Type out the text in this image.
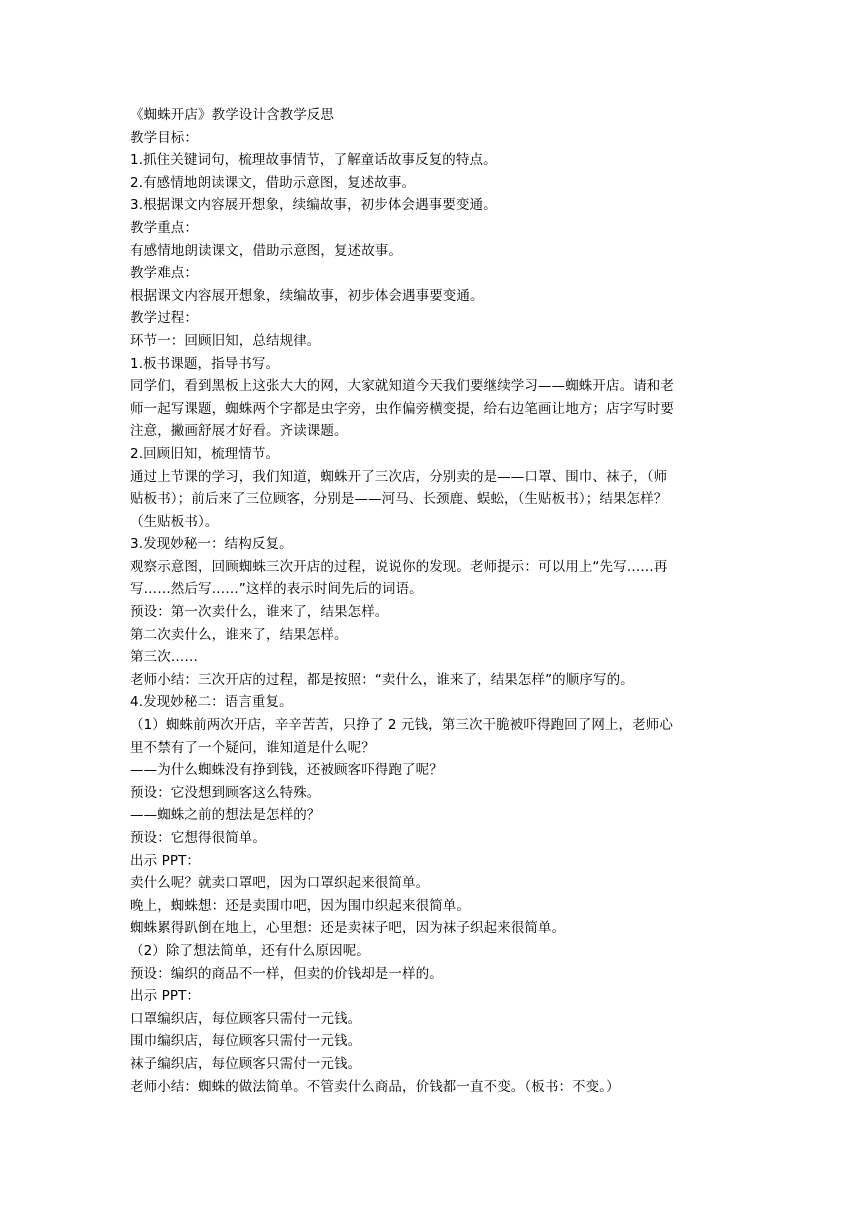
《蜘蛛开店》教学设计含教学反思
教学目标：
1.抓住关键词句，梳理故事情节，了解童话故事反复的特点。
2.有感情地朗读课文，借助示意图，复述故事。
3.根据课文内容展开想象，续编故事，初步体会遇事要变通。
教学重点：
有感情地朗读课文，借助示意图，复述故事。
教学难点：
根据课文内容展开想象，续编故事，初步体会遇事要变通。
教学过程：
环节一：回顾旧知，总结规律。
1.板书课题，指导书写。
同学们，看到黑板上这张大大的网，大家就知道今天我们要继续学习——蜘蛛开店。请和老
师一起写课题，蜘蛛两个字都是虫字旁，虫作偏旁横变提，给右边笔画让地方；店字写时要
注意，撇画舒展才好看。齐读课题。
2.回顾旧知，梳理情节。
通过上节课的学习，我们知道，蜘蛛开了三次店，分别卖的是——口罩、围巾、袜子，（师
贴板书）；前后来了三位顾客，分别是——河马、长颈鹿、蜈蚣，（生贴板书）；结果怎样？
（生贴板书）。
3.发现妙秘一：结构反复。
观察示意图，回顾蜘蛛三次开店的过程，说说你的发现。老师提示：可以用上“先写……再
写……然后写……”这样的表示时间先后的词语。
预设：第一次卖什么，谁来了，结果怎样。
第二次卖什么，谁来了，结果怎样。
第三次……
老师小结：三次开店的过程，都是按照：“卖什么，谁来了，结果怎样”的顺序写的。
4.发现妙秘二：语言重复。
（1）蜘蛛前两次开店，辛辛苦苦，只挣了 2 元钱，第三次干脆被吓得跑回了网上，老师心
里不禁有了一个疑问，谁知道是什么呢？
——为什么蜘蛛没有挣到钱，还被顾客吓得跑了呢？
预设：它没想到顾客这么特殊。
——蜘蛛之前的想法是怎样的？
预设：它想得很简单。
出示 PPT：
卖什么呢？就卖口罩吧，因为口罩织起来很简单。
晚上，蜘蛛想：还是卖围巾吧，因为围巾织起来很简单。
蜘蛛累得趴倒在地上，心里想：还是卖袜子吧，因为袜子织起来很简单。
（2）除了想法简单，还有什么原因呢。
预设：编织的商品不一样，但卖的价钱却是一样的。
出示 PPT：
口罩编织店，每位顾客只需付一元钱。
围巾编织店，每位顾客只需付一元钱。
袜子编织店，每位顾客只需付一元钱。
老师小结：蜘蛛的做法简单。不管卖什么商品，价钱都一直不变。（板书：不变。）
